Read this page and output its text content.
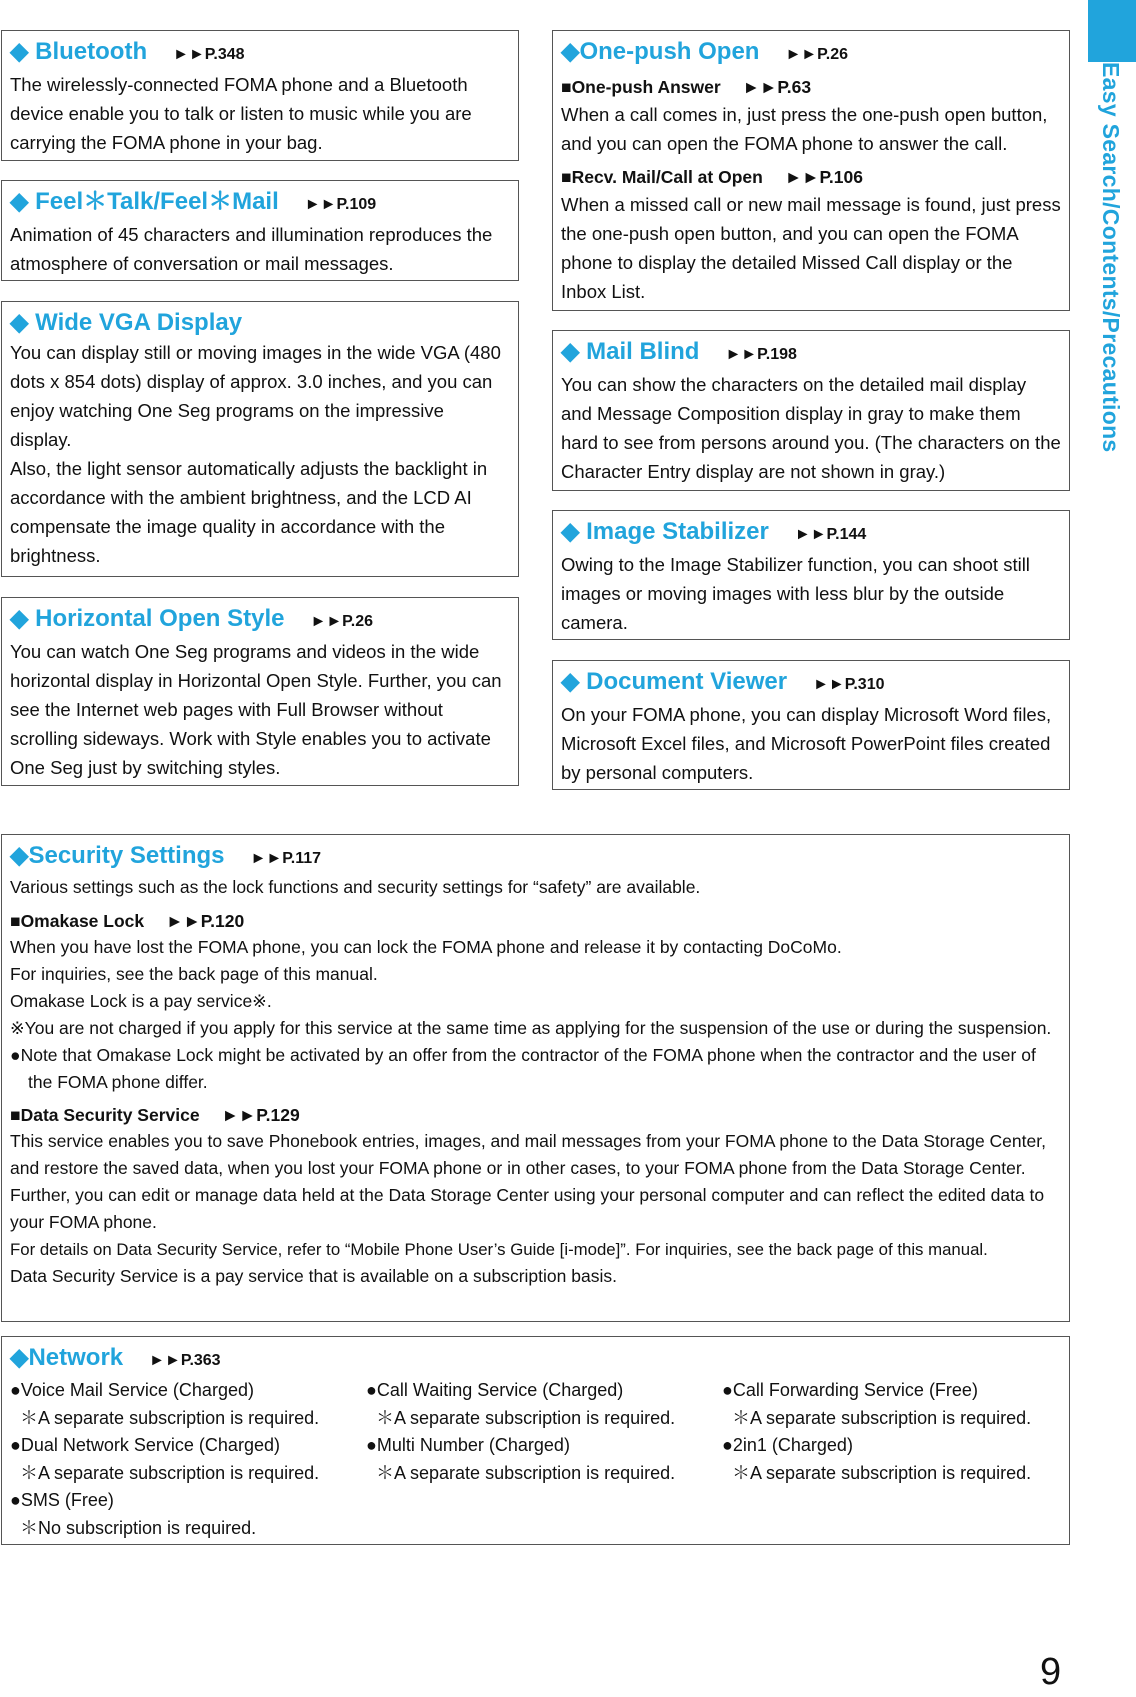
Easy Search/Contents/Precautions
◆ Bluetooth ►►P.348
The wirelessly-connected FOMA phone and a Bluetooth device enable you to talk or listen to music while you are carrying the FOMA phone in your bag.
◆ Feel＊Talk/Feel＊Mail ►►P.109
Animation of 45 characters and illumination reproduces the atmosphere of conversation or mail messages.
◆ Wide VGA Display
You can display still or moving images in the wide VGA (480 dots x 854 dots) display of approx. 3.0 inches, and you can enjoy watching One Seg programs on the impressive display.
Also, the light sensor automatically adjusts the backlight in accordance with the ambient brightness, and the LCD AI compensate the image quality in accordance with the brightness.
◆ Horizontal Open Style ►►P.26
You can watch One Seg programs and videos in the wide horizontal display in Horizontal Open Style. Further, you can see the Internet web pages with Full Browser without scrolling sideways. Work with Style enables you to activate One Seg just by switching styles.
◆One-push Open ►►P.26
■One-push Answer ►►P.63
When a call comes in, just press the one-push open button, and you can open the FOMA phone to answer the call.
■Recv. Mail/Call at Open ►►P.106
When a missed call or new mail message is found, just press the one-push open button, and you can open the FOMA phone to display the detailed Missed Call display or the Inbox List.
◆ Mail Blind ►►P.198
You can show the characters on the detailed mail display and Message Composition display in gray to make them hard to see from persons around you. (The characters on the Character Entry display are not shown in gray.)
◆ Image Stabilizer ►►P.144
Owing to the Image Stabilizer function, you can shoot still images or moving images with less blur by the outside camera.
◆ Document Viewer ►►P.310
On your FOMA phone, you can display Microsoft Word files, Microsoft Excel files, and Microsoft PowerPoint files created by personal computers.
◆Security Settings ►►P.117
Various settings such as the lock functions and security settings for “safety” are available.
■Omakase Lock ►►P.120
When you have lost the FOMA phone, you can lock the FOMA phone and release it by contacting DoCoMo.
For inquiries, see the back page of this manual.
Omakase Lock is a pay service※.
※You are not charged if you apply for this service at the same time as applying for the suspension of the use or during the suspension.
●Note that Omakase Lock might be activated by an offer from the contractor of the FOMA phone when the contractor and the user of the FOMA phone differ.
■Data Security Service ►►P.129
This service enables you to save Phonebook entries, images, and mail messages from your FOMA phone to the Data Storage Center, and restore the saved data, when you lost your FOMA phone or in other cases, to your FOMA phone from the Data Storage Center. Further, you can edit or manage data held at the Data Storage Center using your personal computer and can reflect the edited data to your FOMA phone.
For details on Data Security Service, refer to “Mobile Phone User’s Guide [i-mode]”. For inquiries, see the back page of this manual.
Data Security Service is a pay service that is available on a subscription basis.
◆Network ►►P.363
●Voice Mail Service (Charged)
＊A separate subscription is required.
●Call Waiting Service (Charged)
＊A separate subscription is required.
●Call Forwarding Service (Free)
＊A separate subscription is required.
●Dual Network Service (Charged)
＊A separate subscription is required.
●Multi Number (Charged)
＊A separate subscription is required.
●2in1 (Charged)
＊A separate subscription is required.
●SMS (Free)
＊No subscription is required.
9
